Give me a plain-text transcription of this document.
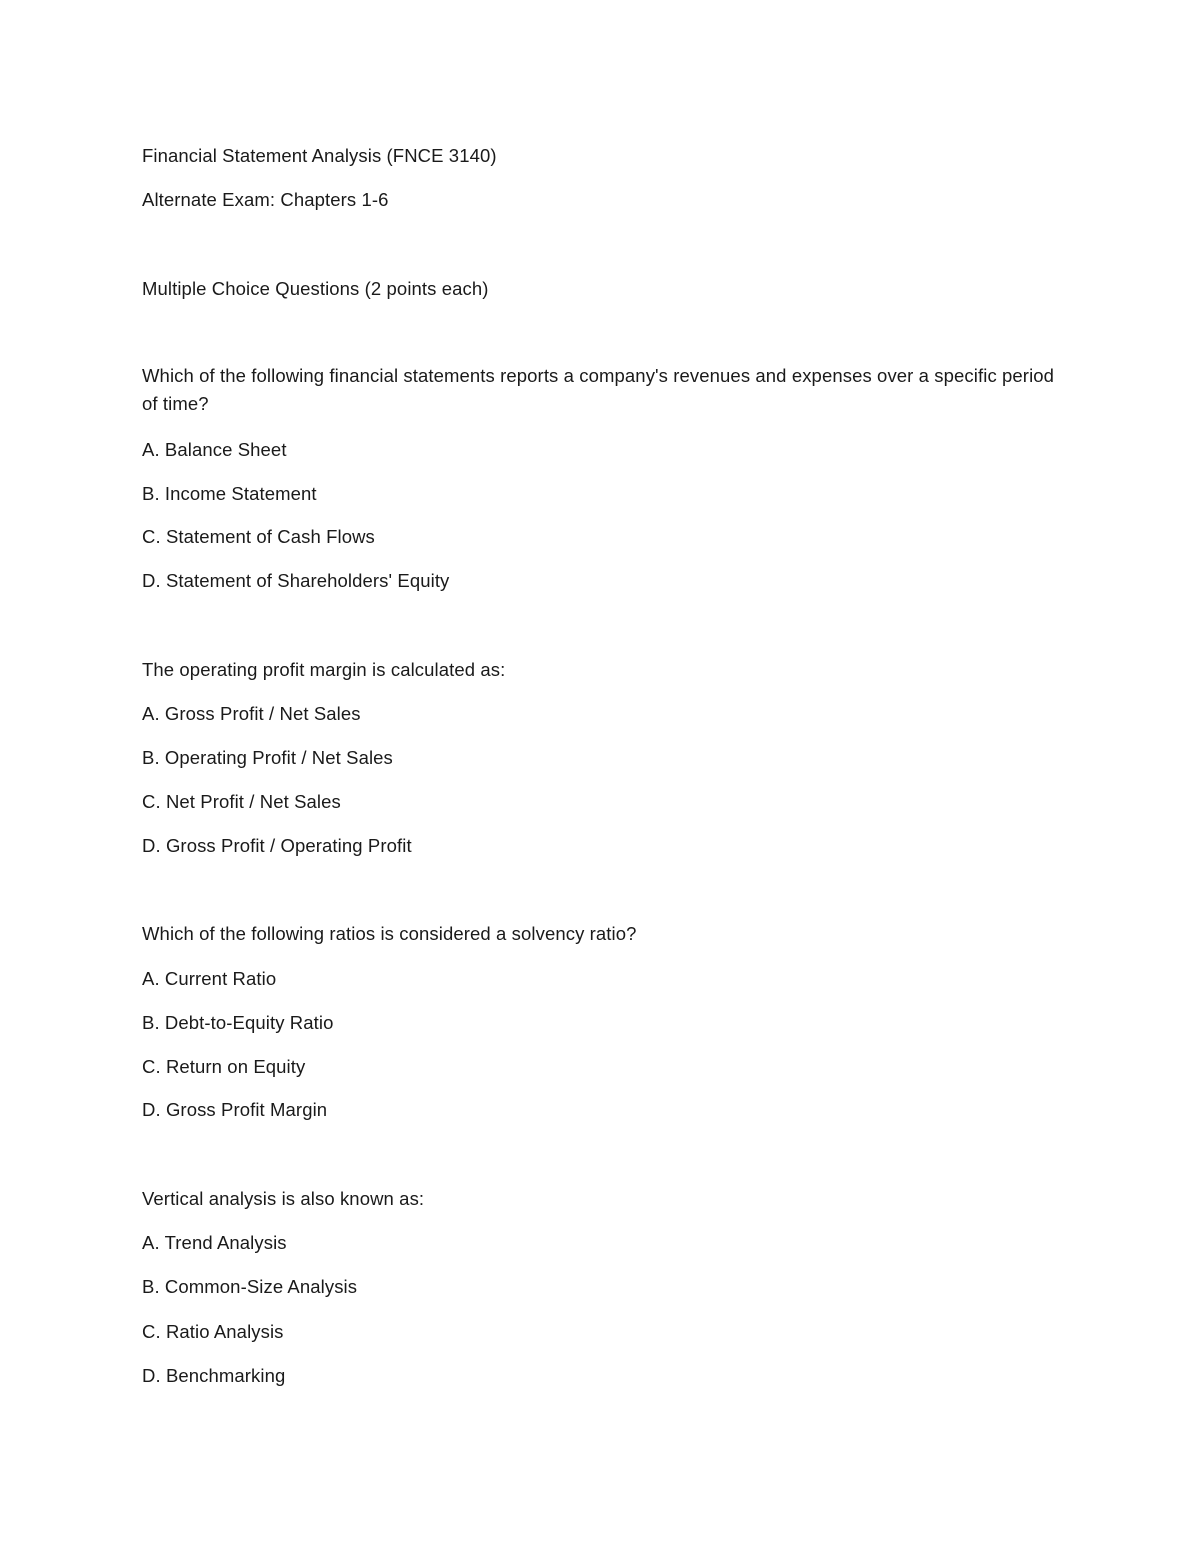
Financial Statement Analysis (FNCE 3140)
Alternate Exam: Chapters 1-6
Multiple Choice Questions (2 points each)
Which of the following financial statements reports a company's revenues and expenses over a specific period of time?
A. Balance Sheet
B. Income Statement
C. Statement of Cash Flows
D. Statement of Shareholders' Equity
The operating profit margin is calculated as:
A. Gross Profit / Net Sales
B. Operating Profit / Net Sales
C. Net Profit / Net Sales
D. Gross Profit / Operating Profit
Which of the following ratios is considered a solvency ratio?
A. Current Ratio
B. Debt-to-Equity Ratio
C. Return on Equity
D. Gross Profit Margin
Vertical analysis is also known as:
A. Trend Analysis
B. Common-Size Analysis
C. Ratio Analysis
D. Benchmarking
